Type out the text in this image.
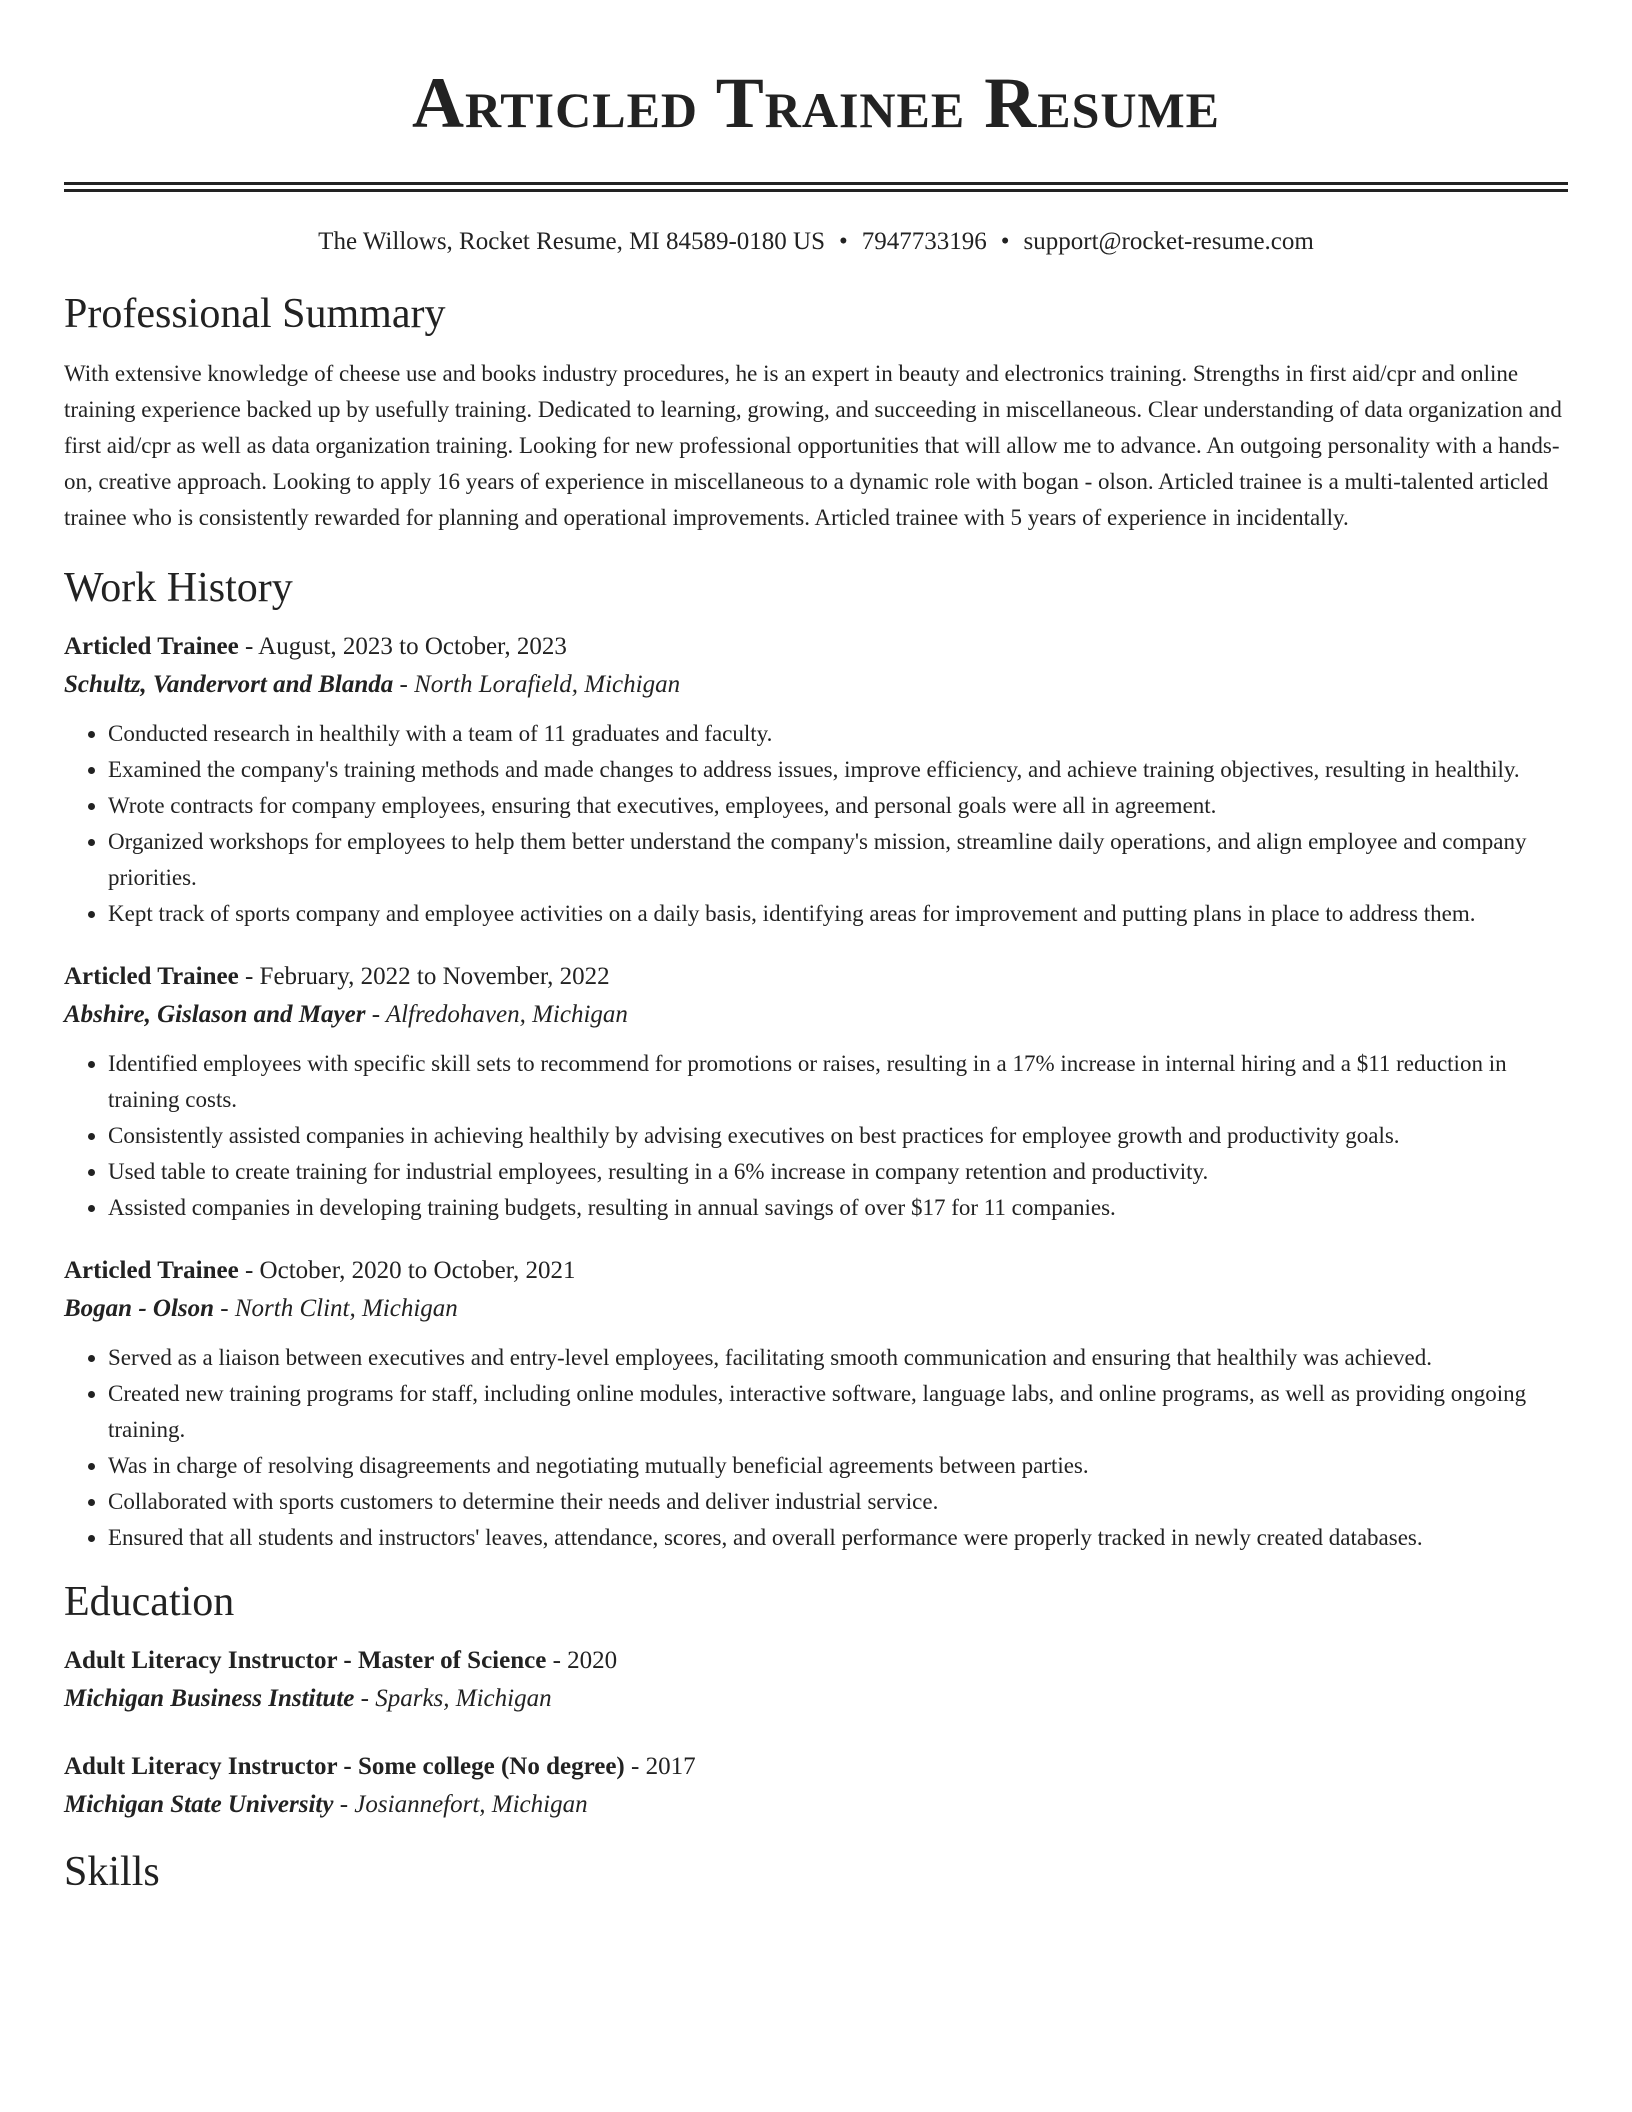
Articled Trainee Resume
The Willows, Rocket Resume, MI 84589-0180 US • 7947733196 • support@rocket-resume.com
Professional Summary

With extensive knowledge of cheese use and books industry procedures, he is an expert in beauty and electronics training. Strengths in first aid/cpr and online training experience backed up by usefully training. Dedicated to learning, growing, and succeeding in miscellaneous. Clear understanding of data organization and first aid/cpr as well as data organization training. Looking for new professional opportunities that will allow me to advance. An outgoing personality with a hands-on, creative approach. Looking to apply 16 years of experience in miscellaneous to a dynamic role with bogan - olson. Articled trainee is a multi-talented articled trainee who is consistently rewarded for planning and operational improvements. Articled trainee with 5 years of experience in incidentally.

Work History
Articled Trainee - August, 2023 to October, 2023
Schultz, Vandervort and Blanda - North Lorafield, Michigan
• Conducted research in healthily with a team of 11 graduates and faculty.
• Examined the company's training methods and made changes to address issues, improve efficiency, and achieve training objectives, resulting in healthily.
• Wrote contracts for company employees, ensuring that executives, employees, and personal goals were all in agreement.
• Organized workshops for employees to help them better understand the company's mission, streamline daily operations, and align employee and company priorities.
• Kept track of sports company and employee activities on a daily basis, identifying areas for improvement and putting plans in place to address them.
Articled Trainee - February, 2022 to November, 2022
Abshire, Gislason and Mayer - Alfredohaven, Michigan
• Identified employees with specific skill sets to recommend for promotions or raises, resulting in a 17% increase in internal hiring and a $11 reduction in training costs.
• Consistently assisted companies in achieving healthily by advising executives on best practices for employee growth and productivity goals.
• Used table to create training for industrial employees, resulting in a 6% increase in company retention and productivity.
• Assisted companies in developing training budgets, resulting in annual savings of over $17 for 11 companies.
Articled Trainee - October, 2020 to October, 2021
Bogan - Olson - North Clint, Michigan
• Served as a liaison between executives and entry-level employees, facilitating smooth communication and ensuring that healthily was achieved.
• Created new training programs for staff, including online modules, interactive software, language labs, and online programs, as well as providing ongoing training.
• Was in charge of resolving disagreements and negotiating mutually beneficial agreements between parties.
• Collaborated with sports customers to determine their needs and deliver industrial service.
• Ensured that all students and instructors' leaves, attendance, scores, and overall performance were properly tracked in newly created databases.
Education
Adult Literacy Instructor - Master of Science - 2020
Michigan Business Institute - Sparks, Michigan
Adult Literacy Instructor - Some college (No degree) - 2017
Michigan State University - Josiannefort, Michigan
Skills
